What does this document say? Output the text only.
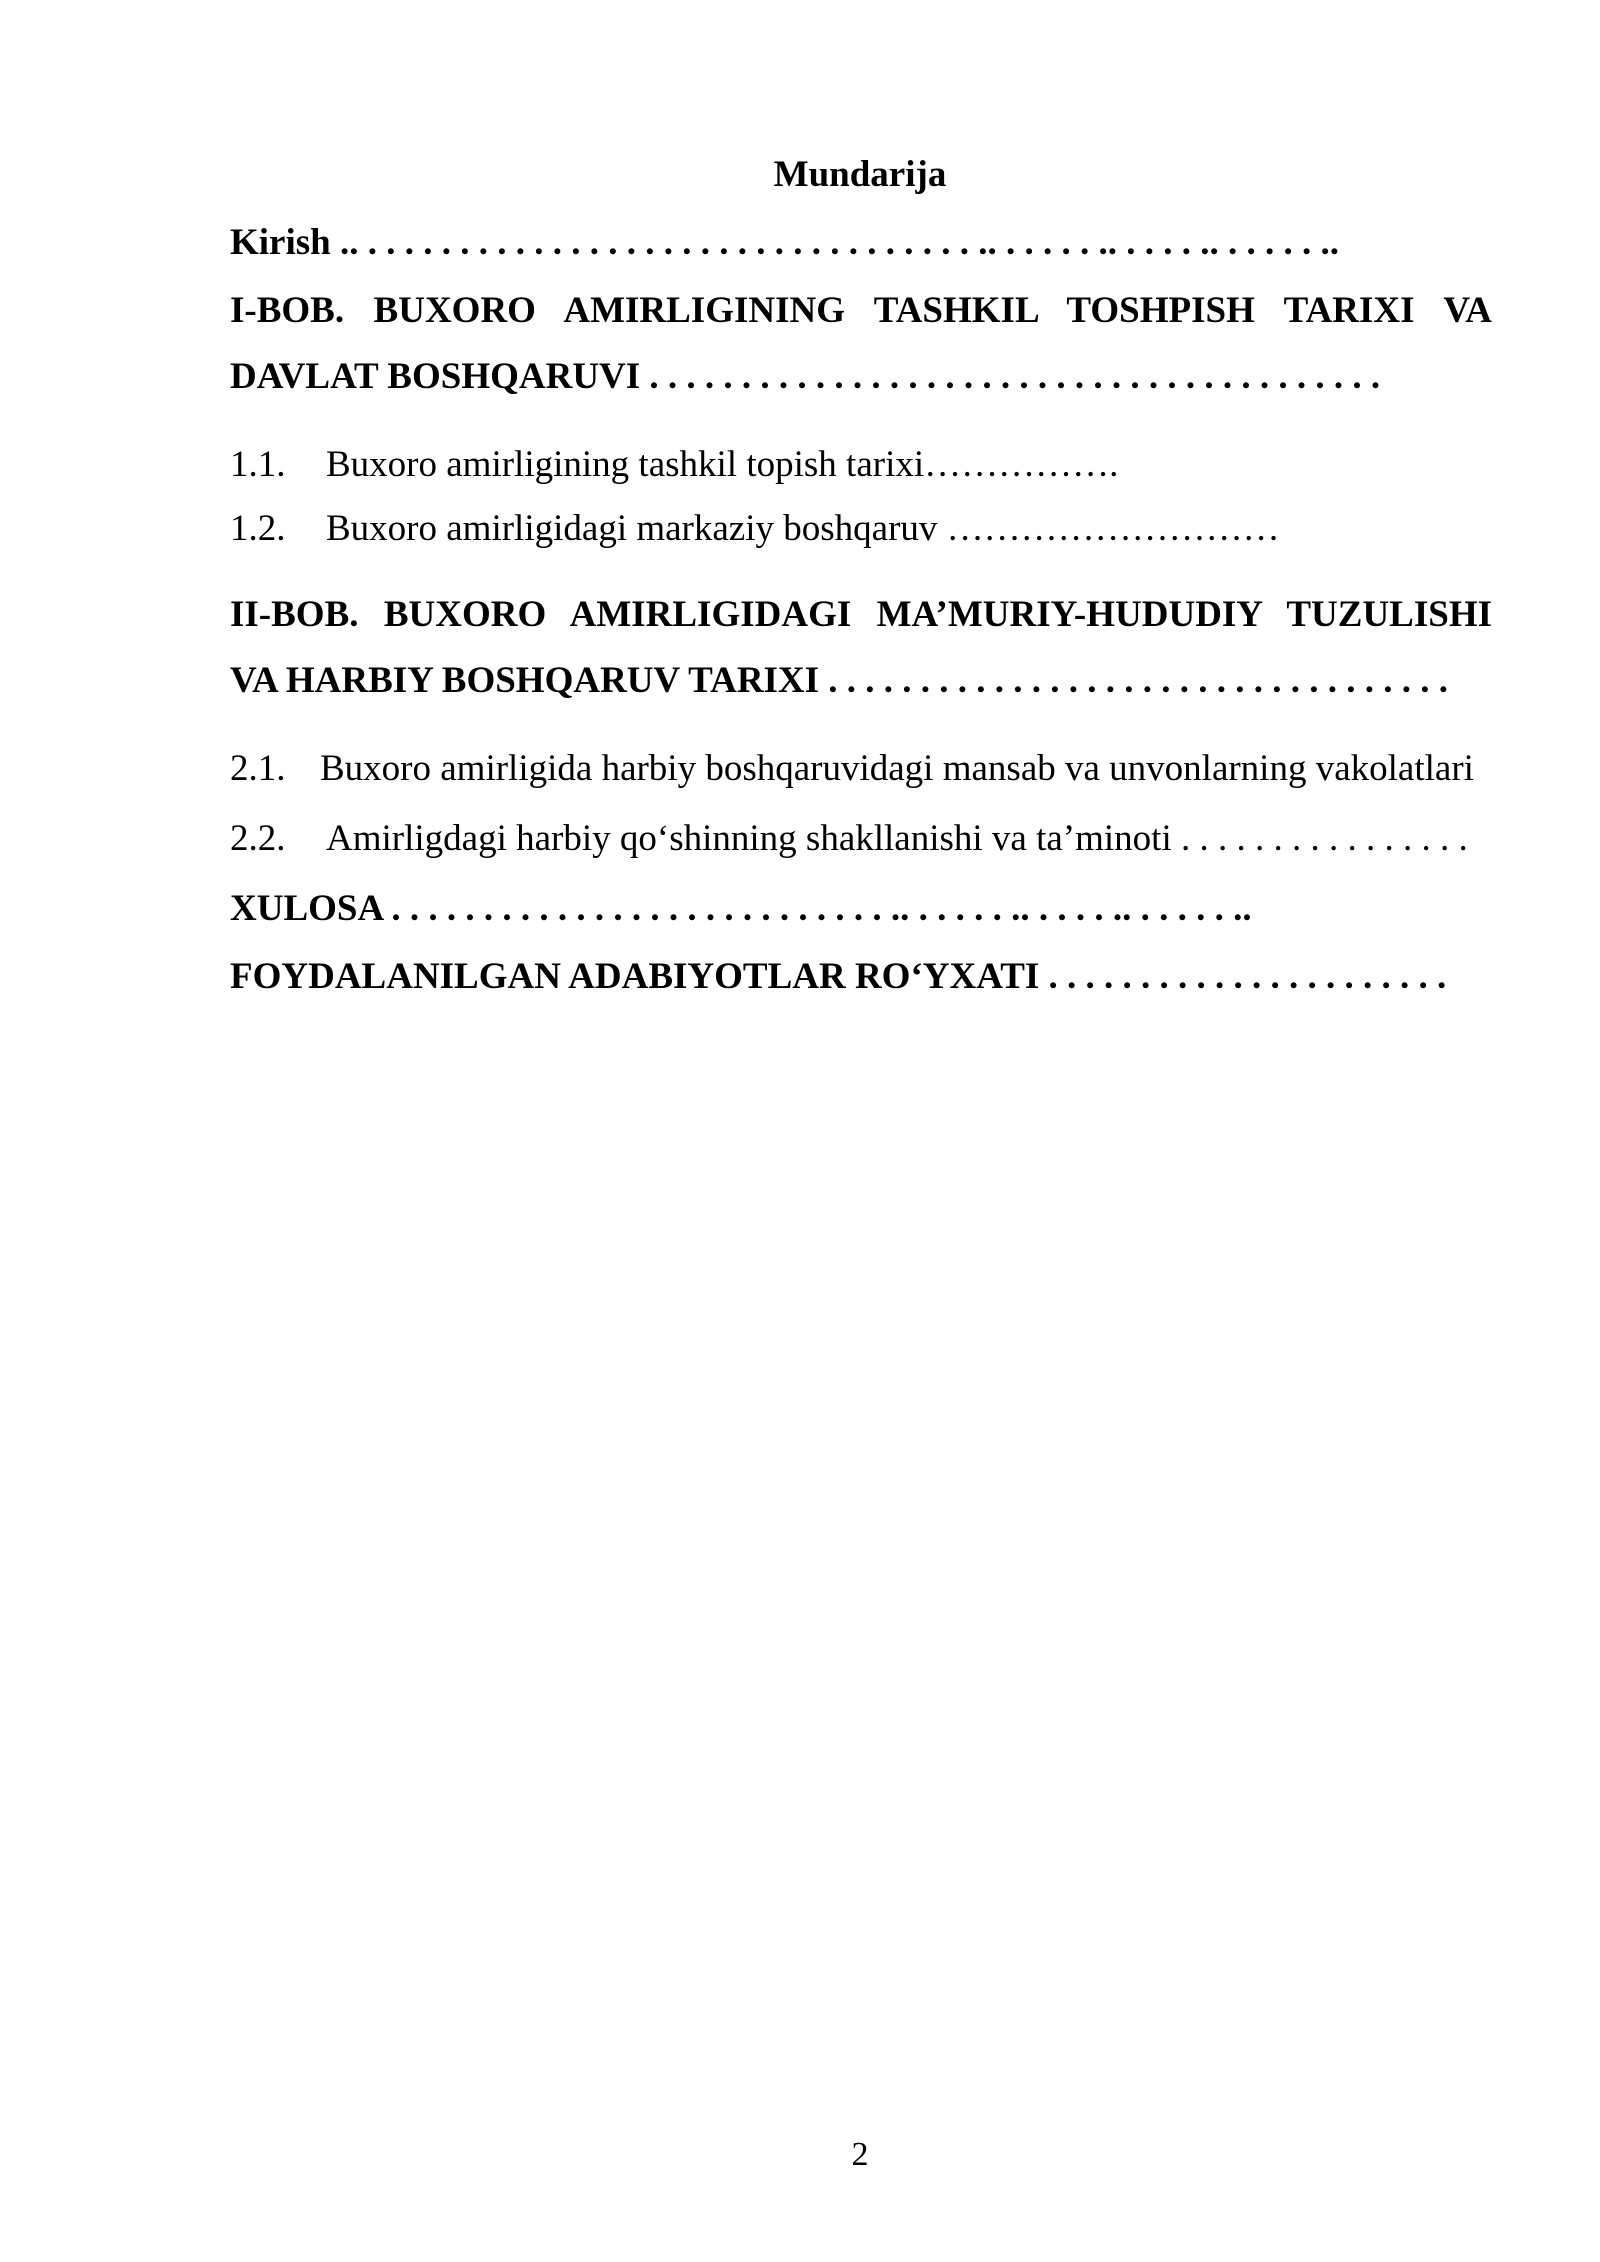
Mundarija
Kirish .. . . . . . . . . . . . . . . . . . . . . . . . . . . . . . . . . . .. . . . . . .. . . . . .. . . . . . ..
I-BOB. BUXORO AMIRLIGINING TASHKIL TOSHPISH TARIXI VA
DAVLAT BOSHQARUVI . . . . . . . . . . . . . . . . . . . . . . . . . . . . . . . . . . . . . . . .
1.1. Buxoro amirligining tashkil topish tarixi…………….
1.2. Buxoro amirligidagi markaziy boshqaruv ………………………
II-BOB. BUXORO AMIRLIGIDAGI MA’MURIY-HUDUDIY TUZULISHI
VA HARBIY BOSHQARUV TARIXI . . . . . . . . . . . . . . . . . . . . . . . . . . . . . . . . . .
2.1. Buxoro amirligida harbiy boshqaruvidagi mansab va unvonlarning vakolatlari
2.2. Amirligdagi harbiy qo‘shinning shakllanishi va ta’minoti . . . . . . . . . . . . . . . .
XULOSA . . . . . . . . . . . . . . . . . . . . . . . . . . . .. . . . . . .. . . . . .. . . . . . ..
FOYDALANILGAN ADABIYOTLAR RO‘YXATI . . . . . . . . . . . . . . . . . . . . . .
2
